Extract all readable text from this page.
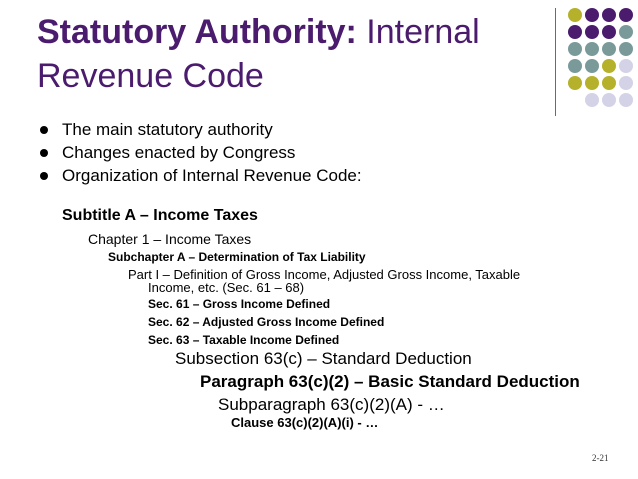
Statutory Authority: Internal Revenue Code
The main statutory authority
Changes enacted by Congress
Organization of Internal Revenue Code:
Subtitle A – Income Taxes
Chapter 1 – Income Taxes
Subchapter A – Determination of Tax Liability
Part I – Definition of Gross Income, Adjusted Gross Income, Taxable
Income, etc. (Sec. 61 – 68)
Sec. 61 – Gross Income Defined
Sec. 62 – Adjusted Gross Income Defined
Sec. 63 – Taxable Income Defined
Subsection 63(c) – Standard Deduction
Paragraph 63(c)(2) – Basic Standard Deduction
Subparagraph 63(c)(2)(A) - …
Clause 63(c)(2)(A)(i) - …
2-21
